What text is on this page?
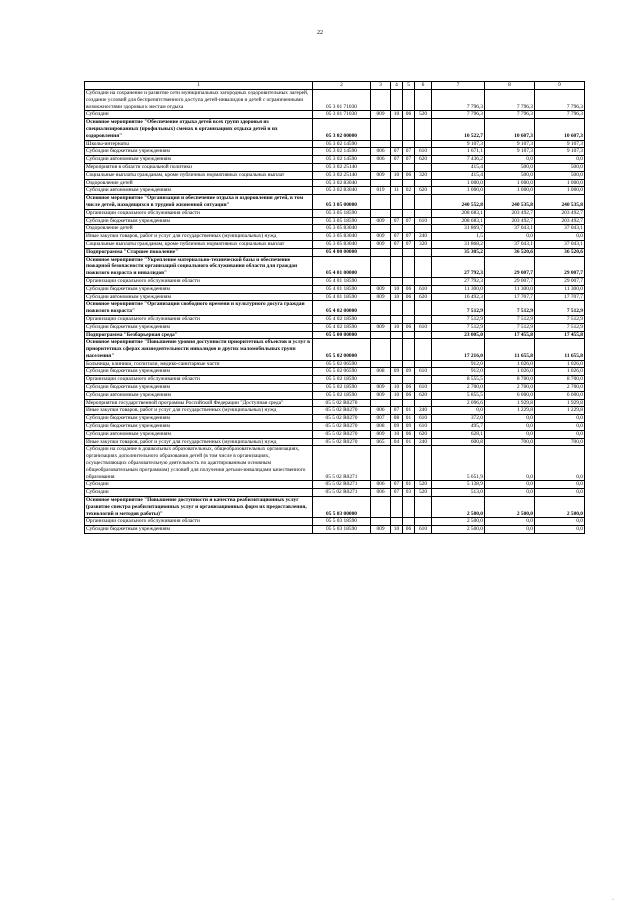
22
1	2	3	4	5	6	7	8	9
Субсидии на сохранение и развитие сети муниципальных загородных оздоровительных лагерей, создание условий для беспрепятственного доступа детей-инвалидов и детей с ограниченными возможностями здоровья к местам отдыха	05 3 01 71030					7 796,3	7 796,3	7 796,3
Субсидии	05 3 01 71030	009	10	06	520	7 796,3	7 796,3	7 796,3
Основное мероприятие "Обеспечение отдыха детей всех групп здоровья из специализированных (профильных) сменах в организациях отдыха детей и их оздоровления"	05 3 02 00000					10 522,7	10 607,3	10 607,3
Школы-интернаты	05 3 02 14590					9 107,3	9 107,3	9 107,3
Субсидии бюджетным учреждениям	05 3 02 14590	006	07	07	610	1 671,1	9 107,3	9 107,3
Субсидии автономным учреждениям	05 3 02 14590	006	07	07	620	7 436,2	0,0	0,0
Мероприятия в области социальной политики	05 3 02 25140					415,4	500,0	500,0
Социальные выплаты гражданам, кроме публичных нормативных социальных выплат	05 3 02 25140	009	10	06	320	415,4	500,0	500,0
Оздоровление детей	05 3 02 83040					1 000,0	1 000,0	1 000,0
Субсидии автономным учреждениям	05 3 02 83040	019	11	02	620	1 000,0	1 000,0	1 000,0
Основное мероприятие "Организация и обеспечение отдыха и оздоровления детей, в том числе детей, находящихся в трудной жизненной ситуации"	05 3 05 00000					240 552,8	240 535,8	240 535,8
Организации социального обслуживания области	05 3 05 18590					208 683,1	203 492,7	203 492,7
Субсидии бюджетным учреждениям	05 3 05 18590	009	07	07	610	208 683,1	203 492,7	203 492,7
Оздоровление детей	05 3 05 83040					31 869,7	37 043,1	37 043,1
Иные закупки товаров, работ и услуг для государственных (муниципальных) нужд	05 3 05 83040	009	07	07	240	1,5	0,0	0,0
Социальные выплаты гражданам, кроме публичных нормативных социальных выплат	05 3 05 83040	009	07	07	320	31 868,2	37 043,1	37 043,1
Подпрограмма "Старшее поколение"	05 4 00 00000					35 305,2	36 520,6	36 520,6
Основное мероприятие "Укрепление материально-технической базы и обеспечение пожарной безопасности организаций социального обслуживания области для граждан пожилого возраста и инвалидов"	05 4 01 00000					27 792,3	29 007,7	29 007,7
Организации социального обслуживания области	05 4 01 18590					27 792,3	29 007,7	29 007,7
Субсидии бюджетным учреждениям	05 4 01 18590	009	10	06	610	11 300,0	11 300,0	11 300,0
Субсидии автономным учреждениям	05 4 01 18590	009	10	06	620	16 492,3	17 707,7	17 707,7
Основное мероприятие "Организация свободного времени и культурного досуга граждан пожилого возраста"	05 4 02 00000					7 512,9	7 512,9	7 512,9
Организации социального обслуживания области	05 4 02 18590					7 512,9	7 512,9	7 512,9
Субсидии бюджетным учреждениям	05 4 02 18590	009	10	06	610	7 512,9	7 512,9	7 512,9
Подпрограмма "Безбарьерная среда"	05 5 00 00000					23 005,0	17 455,8	17 455,8
Основное мероприятие "Повышение уровня доступности приоритетных объектов и услуг в приоритетных сферах жизнедеятельности инвалидов и других маломобильных групп населения"	05 5 02 00000					17 216,0	11 655,8	11 655,8
Больницы, клиники, госпитали, медико-санитарные части	05 5 02 06590					912,0	1 026,0	1 026,0
Субсидии бюджетным учреждениям	05 5 02 06590	008	09	09	610	912,0	1 026,0	1 026,0
Организации социального обслуживания области	05 5 02 18590					8 555,5	8 700,0	8 700,0
Субсидии бюджетным учреждениям	05 5 02 18590	009	10	06	610	2 700,0	2 700,0	2 700,0
Субсидии автономным учреждениям	05 5 02 18590	009	10	06	620	5 855,5	6 000,0	6 000,0
Мероприятия государственной программы Российской Федерации "Доступная среда"	05 5 02 R0270					2 096,6	1 929,8	1 929,8
Иные закупки товаров, работ и услуг для государственных (муниципальных) нужд	05 5 02 R0270	006	07	01	240	0,0	1 229,8	1 229,8
Субсидии бюджетным учреждениям	05 5 02 R0270	007	08	01	610	372,0	0,0	0,0
Субсидии бюджетным учреждениям	05 5 02 R0270	008	09	09	610	495,7	0,0	0,0
Субсидии автономным учреждениям	05 5 02 R0270	009	10	06	620	628,1	0,0	0,0
Иные закупки товаров, работ и услуг для государственных (муниципальных) нужд	05 5 02 R0270	065	04	01	240	600,8	700,0	700,0
Субсидии на создание в дошкольных образовательных, общеобразовательных организациях, организациях дополнительного образования детей (в том числе в организациях, осуществляющих образовательную деятельность по адаптированным основным общеобразовательным программам) условий для получения детьми-инвалидами качественного образования	05 5 02 R0271					5 651,9	0,0	0,0
Субсидии	05 5 02 R0271	006	07	01	520	5 138,9	0,0	0,0
Субсидии	05 5 02 R0271	006	07	03	520	513,0	0,0	0,0
Основное мероприятие "Повышение доступности и качества реабилитационных услуг (развитие спектра реабилитационных услуг и организационных форм их предоставления, технологий и методов работы)"	05 5 03 00000					2 500,0	2 500,0	2 500,0
Организации социального обслуживания области	05 5 03 18590					2 500,0	0,0	0,0
Субсидии бюджетным учреждениям	05 5 03 18590	009	10	06	610	2 500,0	0,0	0,0
·
